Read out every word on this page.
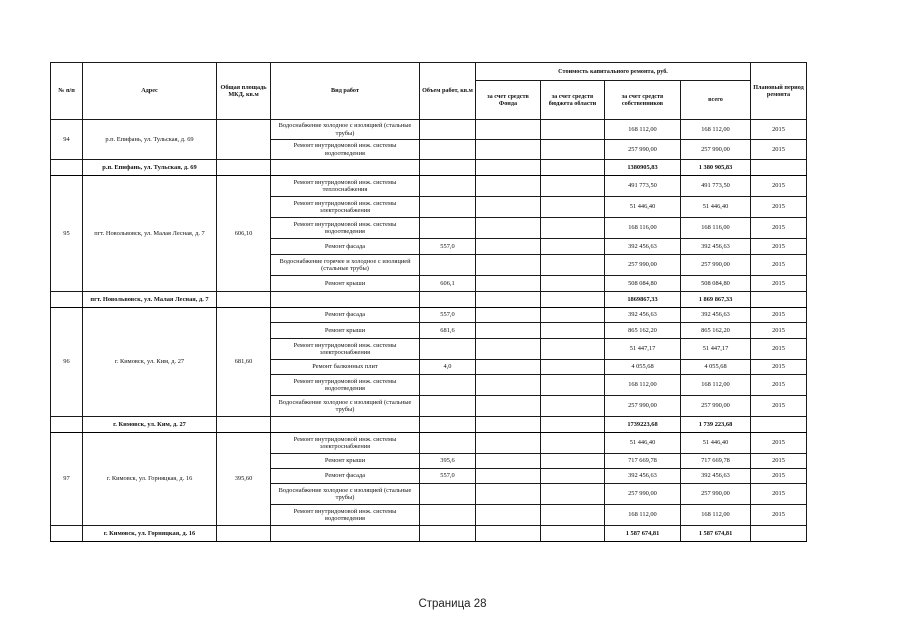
№ п/п	Адрес	Общая площадь МКД, кв.м	Вид работ	Объем работ, кв.м	Стоимость капитального ремонта, руб.				Плановый период ремонта
					за счет средств Фонда	за счет средств бюджета области	за счет средств собственников	всего	
94	р.п. Епифань, ул. Тульская, д. 69		Водоснабжение холодное с изоляцией (стальные трубы)				168 112,00	168 112,00	2015
			Ремонт внутридомовой инж. системы водоотведения				257 990,00	257 990,00	2015
	р.п. Епифань, ул. Тульская, д. 69						1380905,83	1 380 905,83	
95	пгт. Новольвовск, ул. Малая Лесная, д. 7	606,10	Ремонт внутридомовой инж. системы теплоснабжения				491 773,50	491 773,50	2015
			Ремонт внутридомовой инж. системы электроснабжения				51 446,40	51 446,40	2015
			Ремонт внутридомовой инж. системы водоотведения				168 116,00	168 116,00	2015
			Ремонт фасада	557,0			392 456,63	392 456,63	2015
			Водоснабжение горячее и холодное с изоляцией (стальные трубы)				257 990,00	257 990,00	2015
			Ремонт крыши	606,1			508 084,80	508 084,80	2015
	пгт. Новольвовск, ул. Малая Лесная, д. 7						1869867,33	1 869 867,33	
96	г. Кимовск, ул. Ким, д. 27	681,60	Ремонт фасада	557,0			392 456,63	392 456,63	2015
			Ремонт крыши	681,6			865 162,20	865 162,20	2015
			Ремонт внутридомовой инж. системы электроснабжения				51 447,17	51 447,17	2015
			Ремонт балконных плит	4,0			4 055,68	4 055,68	2015
			Ремонт внутридомовой инж. системы водоотведения				168 112,00	168 112,00	2015
			Водоснабжение холодное с изоляцией (стальные трубы)				257 990,00	257 990,00	2015
	г. Кимовск, ул. Ким, д. 27						1739223,68	1 739 223,68	
97	г. Кимовск, ул. Горняцкая, д. 16	395,60	Ремонт внутридомовой инж. системы электроснабжения				51 446,40	51 446,40	2015
			Ремонт крыши	395,6			717 669,78	717 669,78	2015
			Ремонт фасада	557,0			392 456,63	392 456,63	2015
			Водоснабжение холодное с изоляцией (стальные трубы)				257 990,00	257 990,00	2015
			Ремонт внутридомовой инж. системы водоотведения				168 112,00	168 112,00	2015
	г. Кимовск, ул. Горняцкая, д. 16						1 587 674,81	1 587 674,81	
Страница 28
